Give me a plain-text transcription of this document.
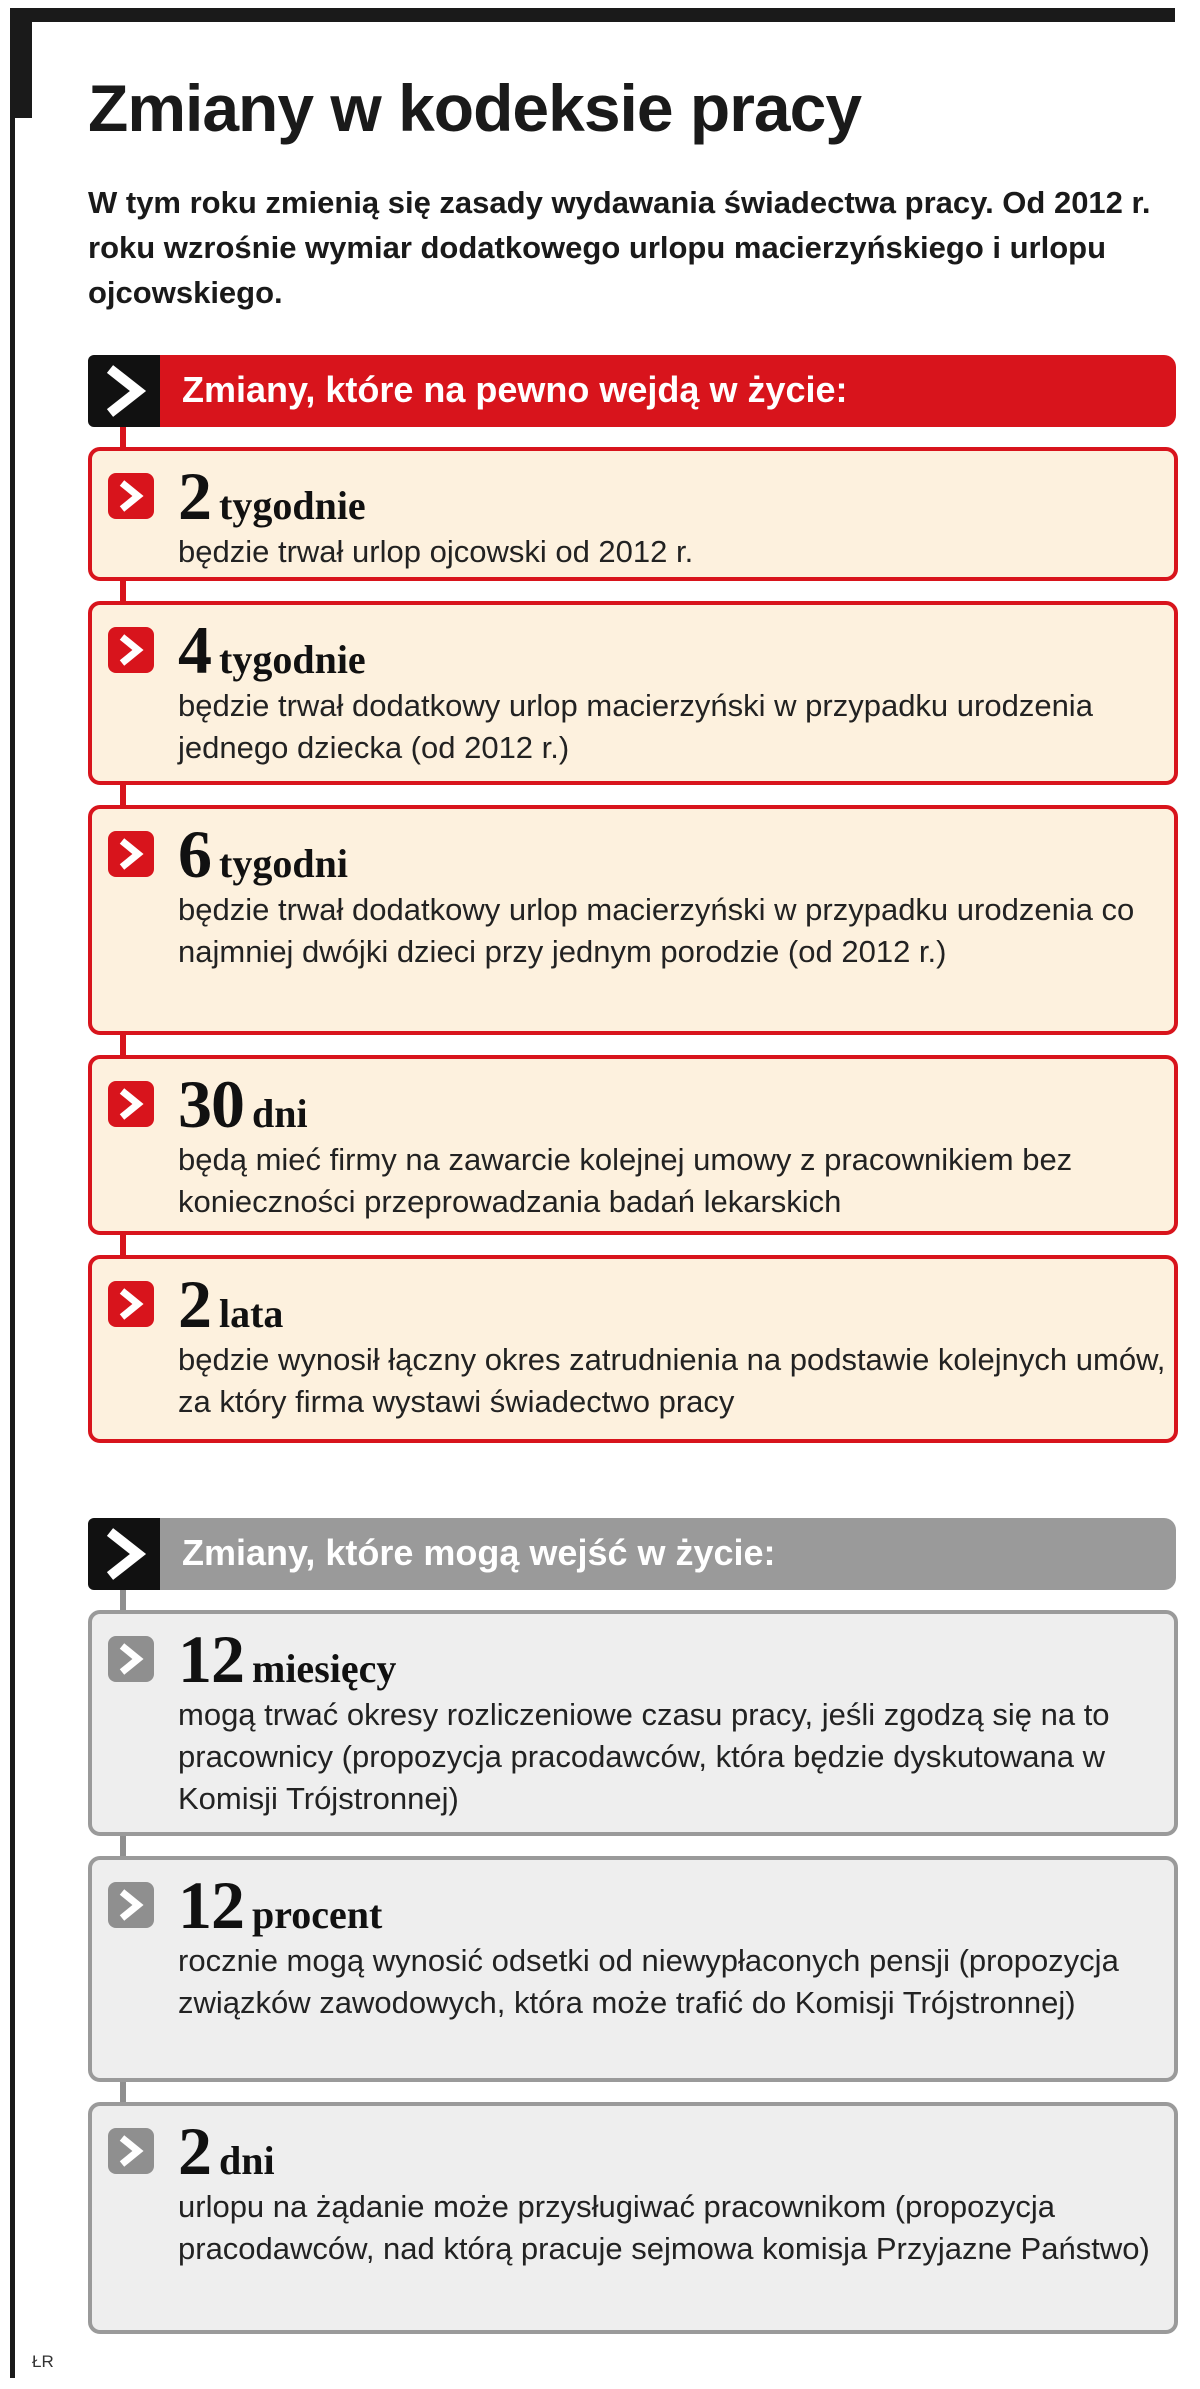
Zmiany w kodeksie pracy

W tym roku zmienią się zasady wydawania świadectwa pracy. Od 2012 r. roku wzrośnie wymiar dodatkowego urlopu macierzyńskiego i urlopu ojcowskiego.

Zmiany, które na pewno wejdą w życie:
2 tygodnie
będzie trwał urlop ojcowski od 2012 r.
4 tygodnie
będzie trwał dodatkowy urlop macierzyński w przypadku urodzenia jednego dziecka (od 2012 r.)
6 tygodni
będzie trwał dodatkowy urlop macierzyński w przypadku urodzenia co najmniej dwójki dzieci przy jednym porodzie (od 2012 r.)
30 dni
będą mieć firmy na zawarcie kolejnej umowy z pracownikiem bez konieczności przeprowadzania badań lekarskich
2 lata
będzie wynosił łączny okres zatrudnienia na podstawie kolejnych umów, za który firma wystawi świadectwo pracy
Zmiany, które mogą wejść w życie:
12 miesięcy
mogą trwać okresy rozliczeniowe czasu pracy, jeśli zgodzą się na to pracownicy (propozycja pracodawców, która będzie dyskutowana w Komisji Trójstronnej)
12 procent
rocznie mogą wynosić odsetki od niewypłaconych pensji (propozycja związków zawodowych, która może trafić do Komisji Trójstronnej)
2 dni
urlopu na żądanie może przysługiwać pracownikom (propozycja pracodawców, nad którą pracuje sejmowa komisja Przyjazne Państwo)
ŁR
